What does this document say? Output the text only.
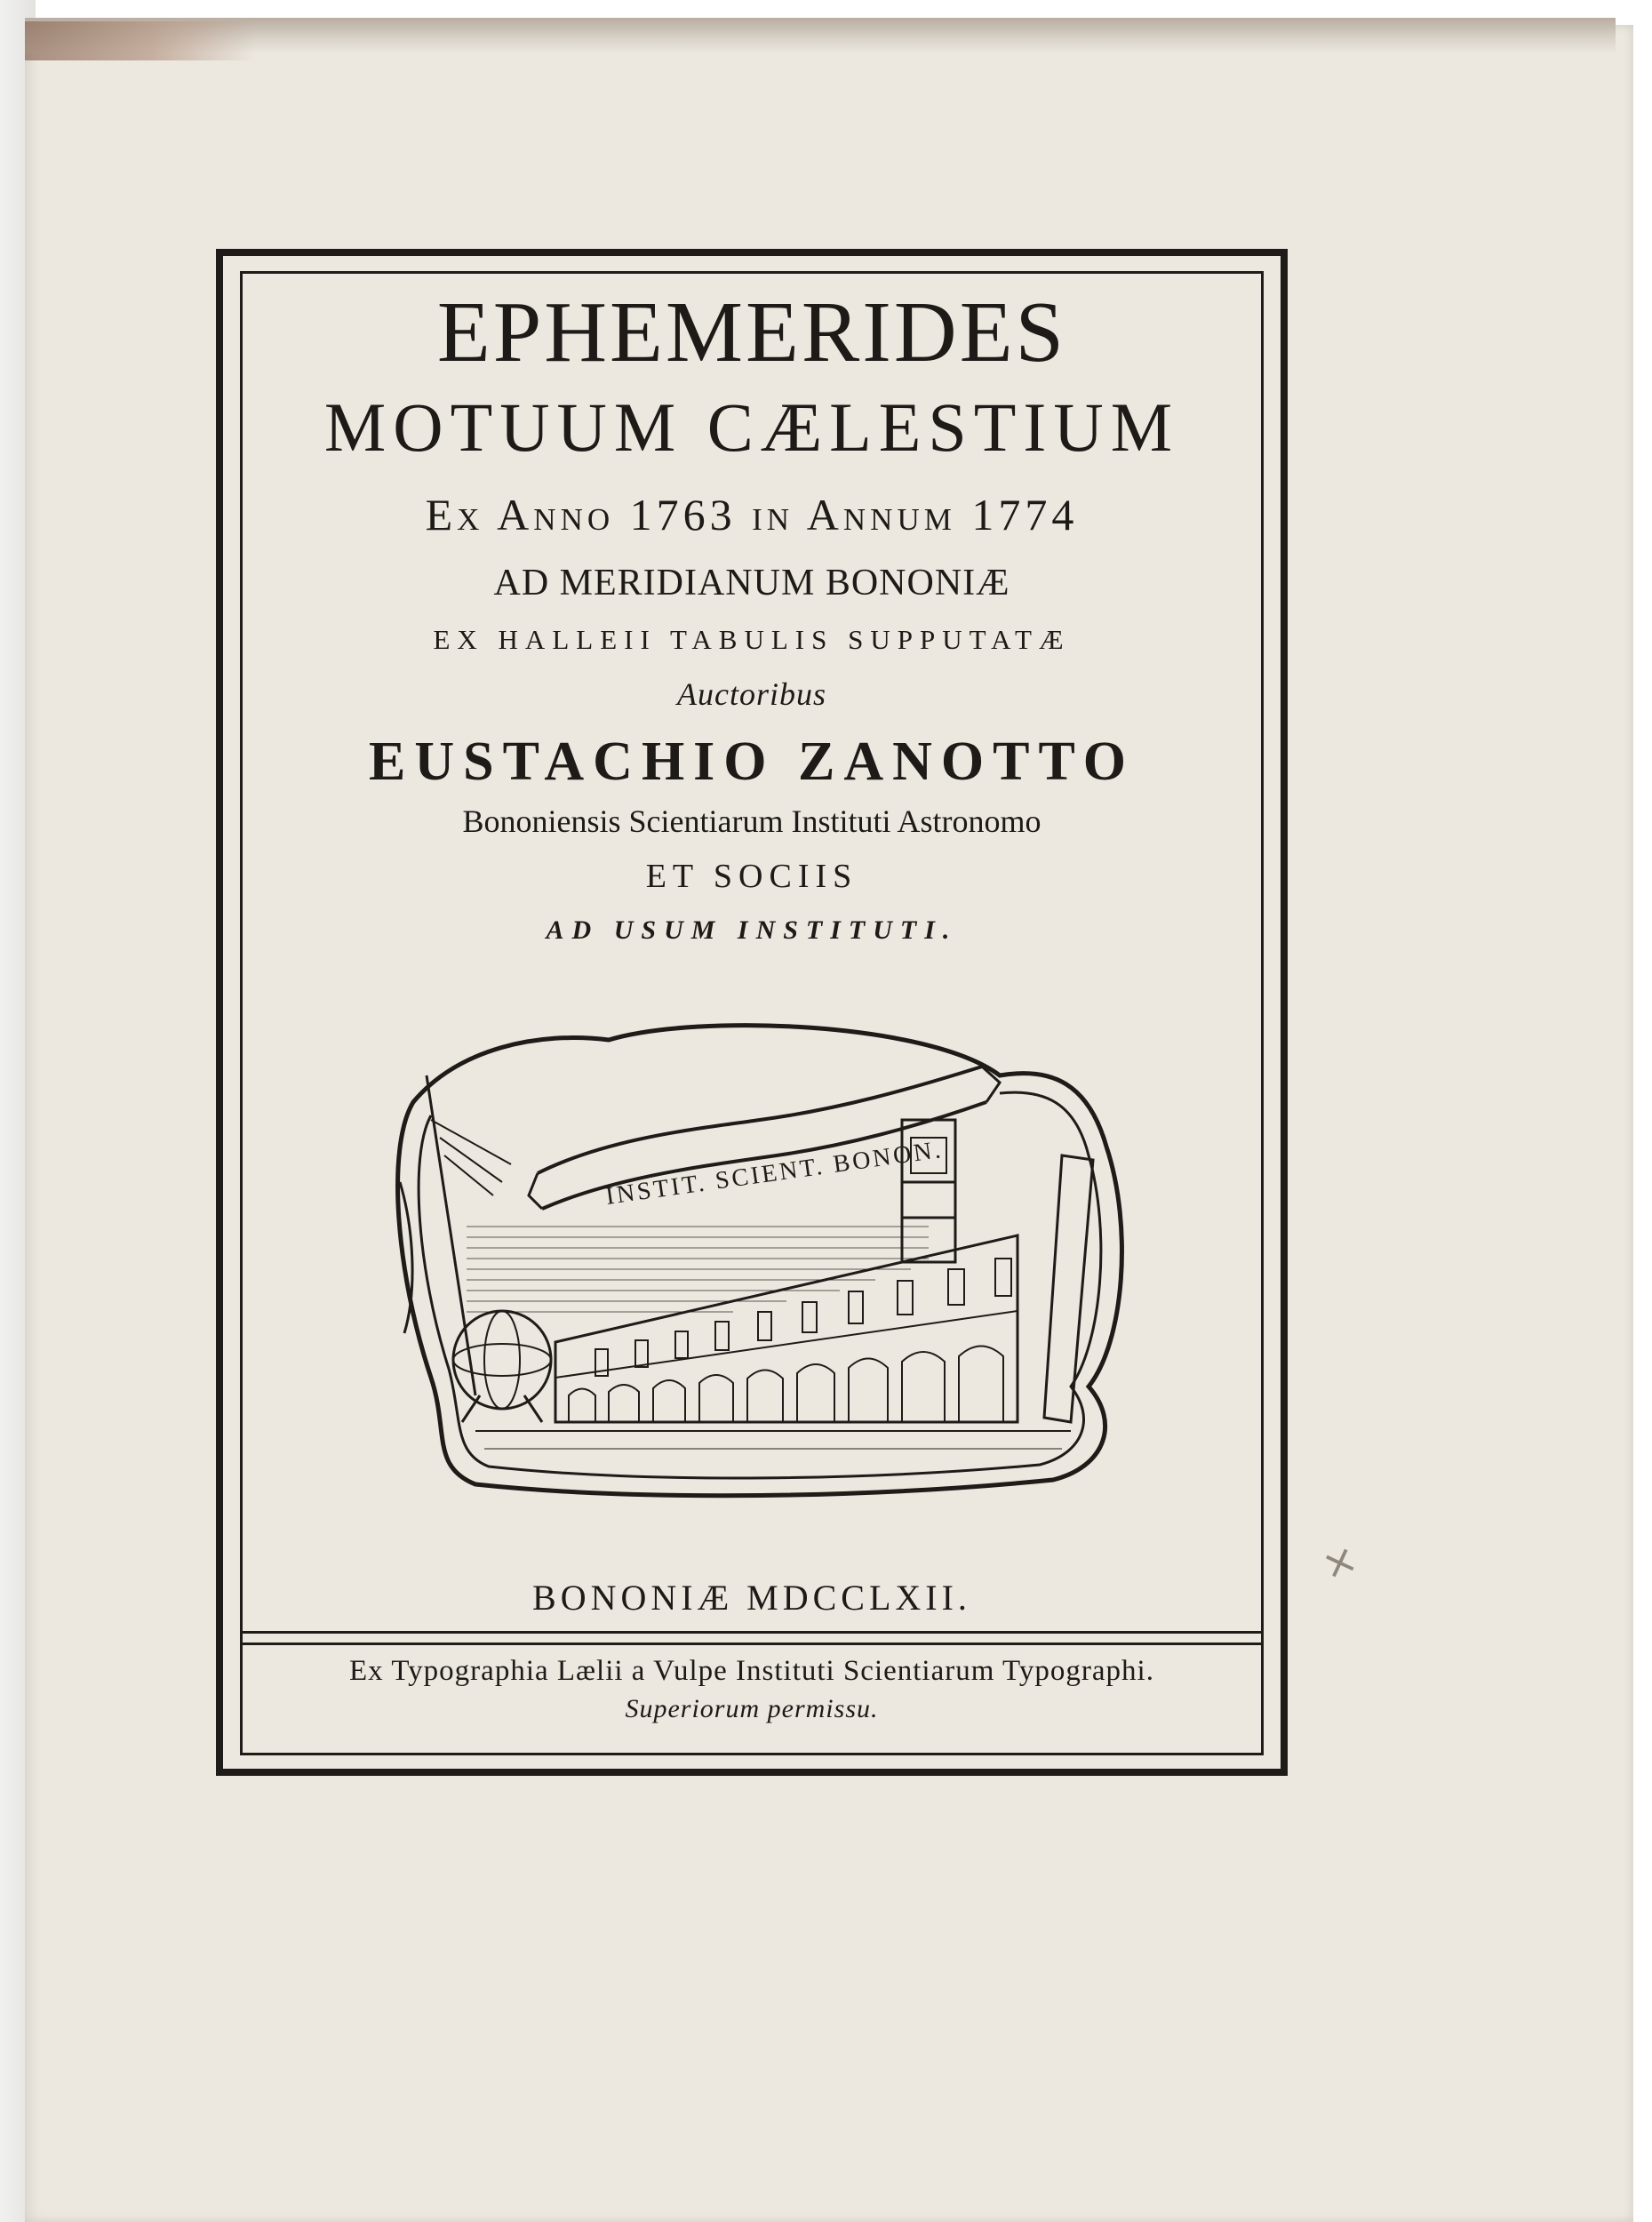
EPHEMERIDES
MOTUUM CÆLESTIUM
Ex Anno 1763 in Annum 1774
AD MERIDIANUM BONONIÆ
EX HALLEII TABULIS SUPPUTATÆ
Auctoribus
EUSTACHIO ZANOTTO
Bononiensis Scientiarum Instituti Astronomo
ET SOCIIS
AD USUM INSTITUTI.
INSTIT. SCIENT. BONON.
BONONIÆ MDCCLXII.
Ex Typographia Lælii a Vulpe Instituti Scientiarum Typographi.
Superiorum permissu.
×
